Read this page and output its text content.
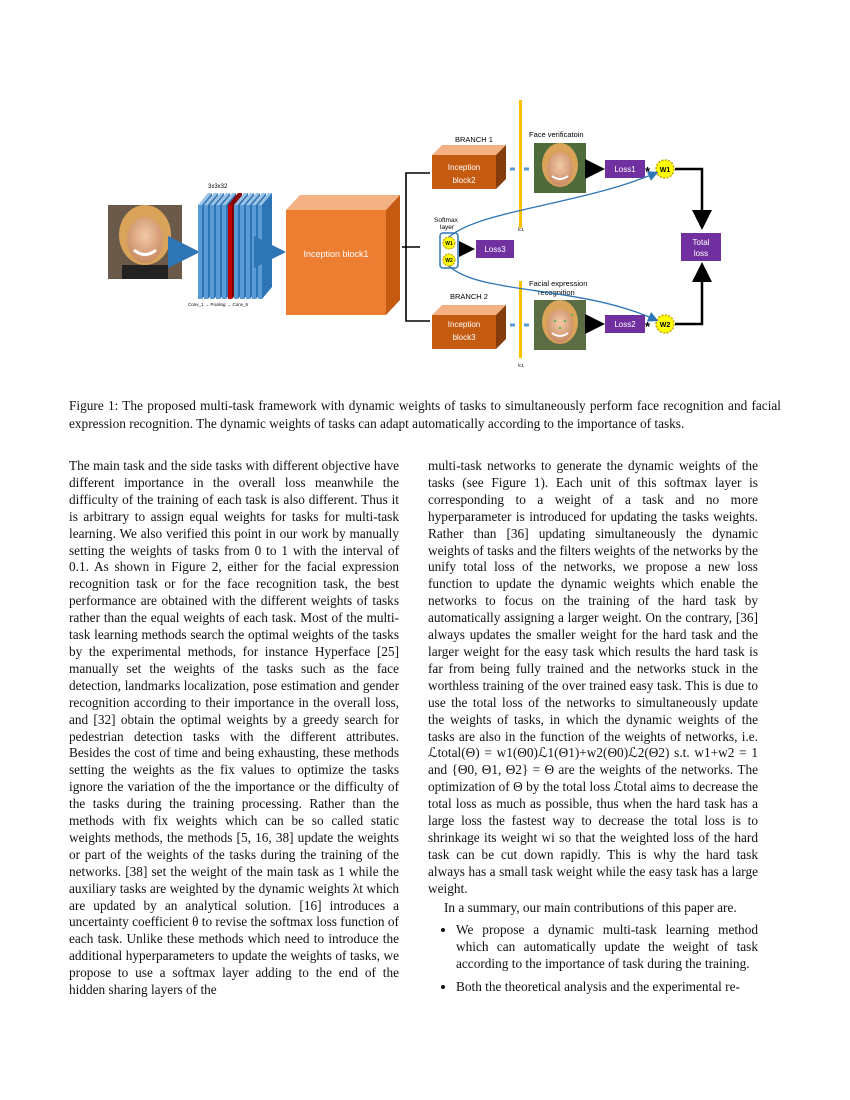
3x3x32
Conv_1 → Pooling → Conv_6
Inception block1
BRANCH 1
BRANCH 2
Inception
block2
Inception
block3
fc1
fc1
Face verificatoin
Facial expression
recognition
Loss1
Loss2
*
*
W1
W2
Total
loss
Softmax
layer
W1
W2
Loss3
Figure 1: The proposed multi-task framework with dynamic weights of tasks to simultaneously perform face recognition and facial expression recognition. The dynamic weights of tasks can adapt automatically according to the importance of tasks.

The main task and the side tasks with different objective have different importance in the overall loss meanwhile the difficulty of the training of each task is also different. Thus it is arbitrary to assign equal weights for tasks for multi-task learning. We also verified this point in our work by manually setting the weights of tasks from 0 to 1 with the interval of 0.1. As shown in Figure 2, either for the facial expression recognition task or for the face recognition task, the best performance are obtained with the different weights of tasks rather than the equal weights of each task. Most of the multi-task learning methods search the optimal weights of the tasks by the experimental methods, for instance Hyperface [25] manually set the weights of the tasks such as the face detection, landmarks localization, pose estimation and gender recognition according to their importance in the overall loss, and [32] obtain the optimal weights by a greedy search for pedestrian detection tasks with the different attributes. Besides the cost of time and being exhausting, these methods setting the weights as the fix values to optimize the tasks ignore the variation of the the importance or the difficulty of the tasks during the training processing. Rather than the methods with fix weights which can be so called static weights methods, the methods [5, 16, 38] update the weights or part of the weights of the tasks during the training of the networks. [38] set the weight of the main task as 1 while the auxiliary tasks are weighted by the dynamic weights λt which are updated by an analytical solution. [16] introduces a uncertainty coefficient θ to revise the softmax loss function of each task. Unlike these methods which need to introduce the additional hyperparameters to update the weights of tasks, we propose to use a softmax layer adding to the end of the hidden sharing layers of the

multi-task networks to generate the dynamic weights of the tasks (see Figure 1). Each unit of this softmax layer is corresponding to a weight of a task and no more hyperparameter is introduced for updating the tasks weights. Rather than [36] updating simultaneously the dynamic weights of tasks and the filters weights of the networks by the unify total loss of the networks, we propose a new loss function to update the dynamic weights which enable the networks to focus on the training of the hard task by automatically assigning a larger weight. On the contrary, [36] always updates the smaller weight for the hard task and the larger weight for the easy task which results the hard task is far from being fully trained and the networks stuck in the worthless training of the over trained easy task. This is due to use the total loss of the networks to simultaneously update the weights of tasks, in which the dynamic weights of the tasks are also in the function of the weights of networks, i.e. ℒtotal(Θ) = w1(Θ0)ℒ1(Θ1)+w2(Θ0)ℒ2(Θ2) s.t. w1+w2 = 1 and {Θ0, Θ1, Θ2} = Θ are the weights of the networks. The optimization of Θ by the total loss ℒtotal aims to decrease the total loss as much as possible, thus when the hard task has a large loss the fastest way to decrease the total loss is to shrinkage its weight wi so that the weighted loss of the hard task can be cut down rapidly. This is why the hard task always has a small task weight while the easy task has a large weight.

In a summary, our main contributions of this paper are.

• We propose a dynamic multi-task learning method which can automatically update the weight of task according to the importance of task during the training.
• Both the theoretical analysis and the experimental re-
